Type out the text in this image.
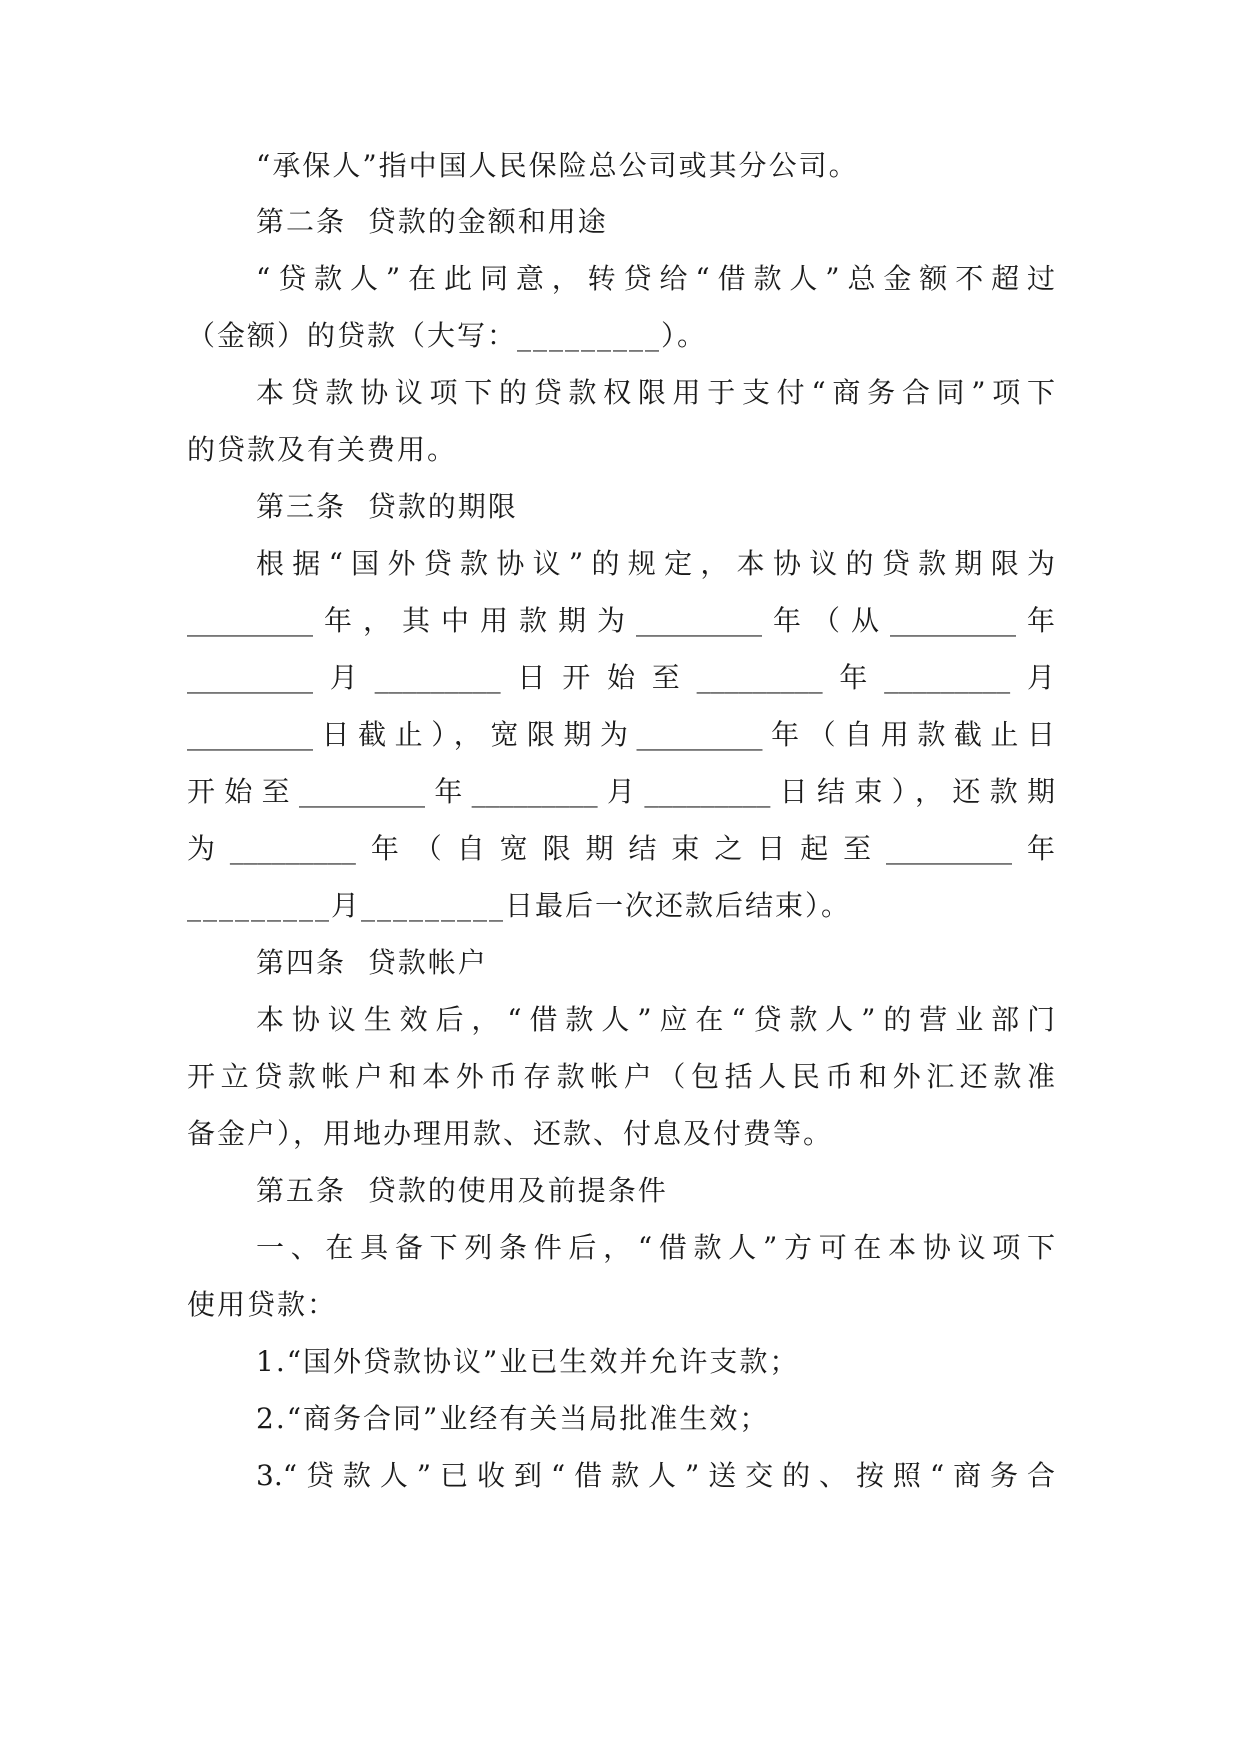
“承保人”指中国人民保险总公司或其分公司。
第二条  贷款的金额和用途
“贷款人”在此同意，转贷给“借款人”总金额不超过
（金额）的贷款（大写：_________）。
本贷款协议项下的贷款权限用于支付“商务合同”项下
的贷款及有关费用。
第三条  贷款的期限
根据“国外贷款协议”的规定，本协议的贷款期限为
_________年，其中用款期为_________年（从_________年
_________月_________日开始至_________年_________月
_________日截止），宽限期为_________年（自用款截止日
开始至_________年_________月_________日结束），还款期
为_________年（自宽限期结束之日起至_________年
_________月_________日最后一次还款后结束）。
第四条  贷款帐户
本协议生效后，“借款人”应在“贷款人”的营业部门
开立贷款帐户和本外币存款帐户（包括人民币和外汇还款准
备金户），用地办理用款、还款、付息及付费等。
第五条  贷款的使用及前提条件
一、在具备下列条件后，“借款人”方可在本协议项下
使用贷款：
1.“国外贷款协议”业已生效并允许支款；
2.“商务合同”业经有关当局批准生效；
3.“贷款人”已收到“借款人”送交的、按照“商务合
